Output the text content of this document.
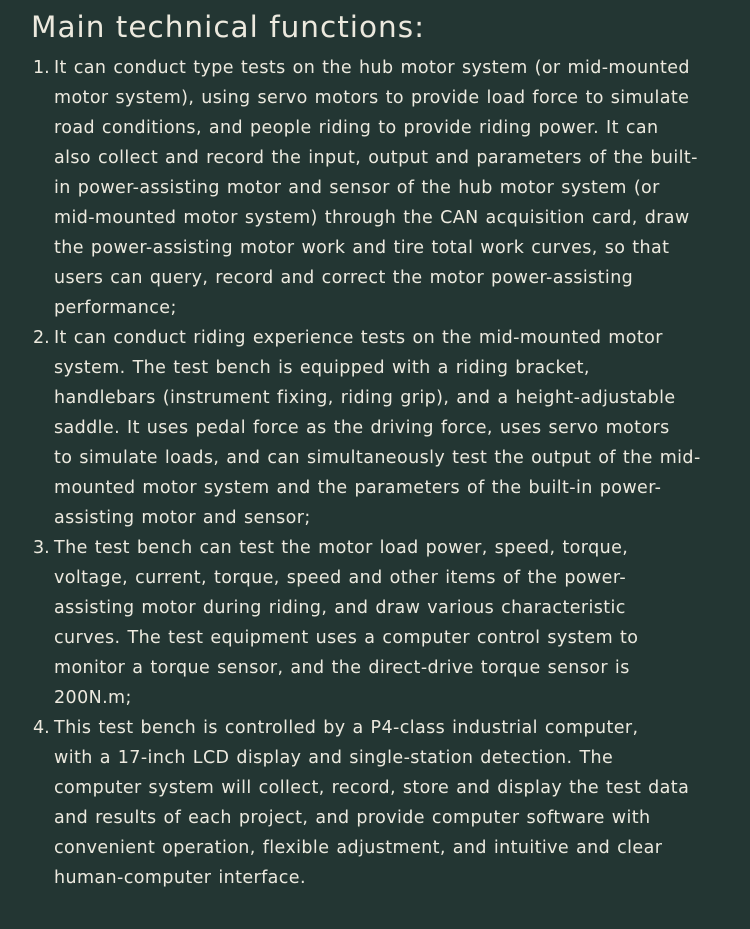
Main technical functions:
1. It can conduct type tests on the hub motor system (or mid-mounted
motor system), using servo motors to provide load force to simulate
road conditions, and people riding to provide riding power. It can
also collect and record the input, output and parameters of the built-
in power-assisting motor and sensor of the hub motor system (or
mid-mounted motor system) through the CAN acquisition card, draw
the power-assisting motor work and tire total work curves, so that
users can query, record and correct the motor power-assisting
performance;
2. It can conduct riding experience tests on the mid-mounted motor
system. The test bench is equipped with a riding bracket,
handlebars (instrument fixing, riding grip), and a height-adjustable
saddle. It uses pedal force as the driving force, uses servo motors
to simulate loads, and can simultaneously test the output of the mid-
mounted motor system and the parameters of the built-in power-
assisting motor and sensor;
3. The test bench can test the motor load power, speed, torque,
voltage, current, torque, speed and other items of the power-
assisting motor during riding, and draw various characteristic
curves. The test equipment uses a computer control system to
monitor a torque sensor, and the direct-drive torque sensor is
200N.m;
4. This test bench is controlled by a P4-class industrial computer,
with a 17-inch LCD display and single-station detection. The
computer system will collect, record, store and display the test data
and results of each project, and provide computer software with
convenient operation, flexible adjustment, and intuitive and clear
human-computer interface.
